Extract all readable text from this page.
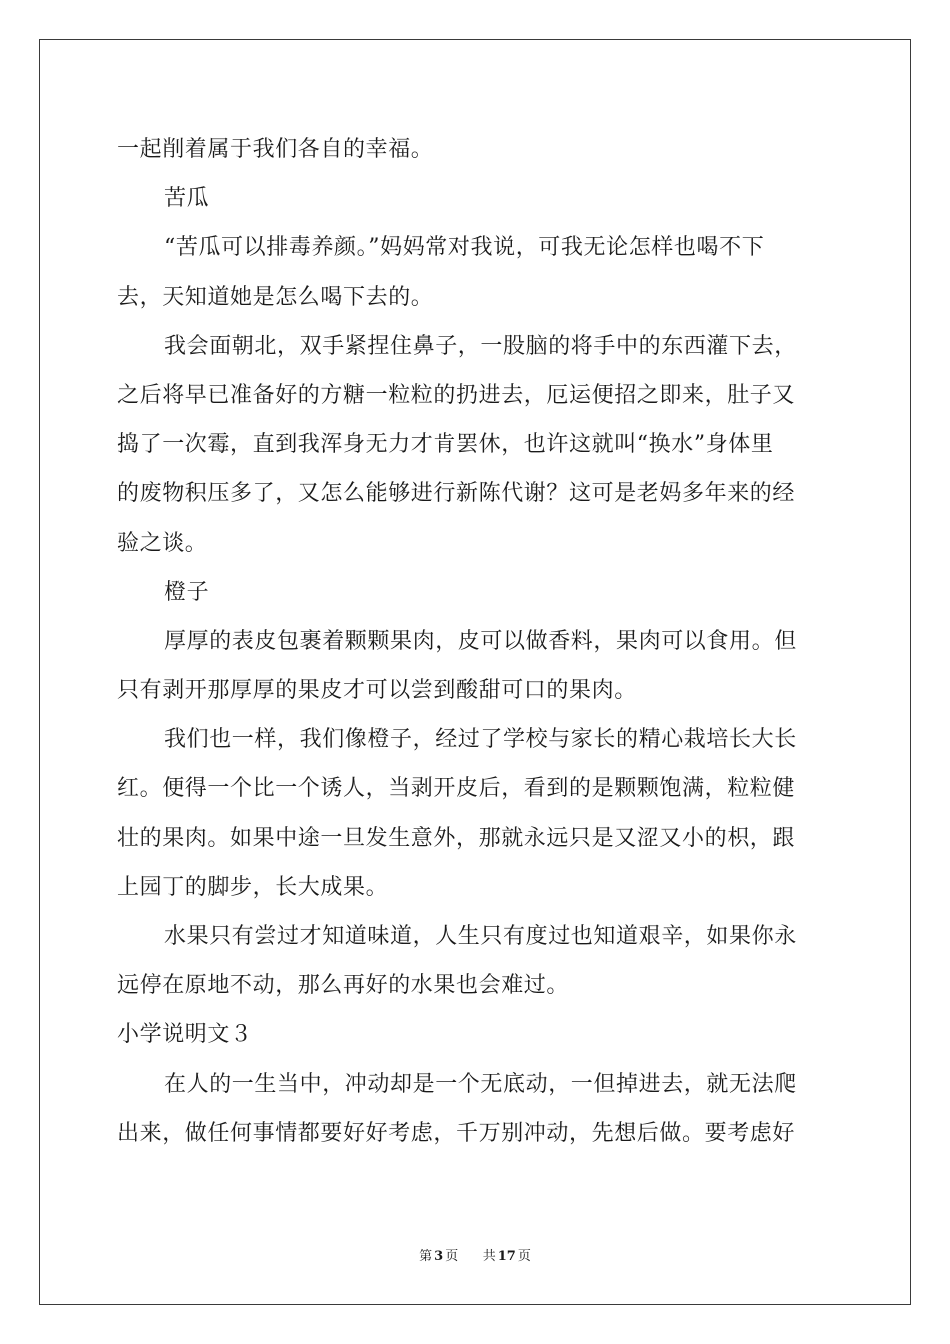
一起削着属于我们各自的幸福。
苦瓜
“苦瓜可以排毒养颜。”妈妈常对我说，可我无论怎样也喝不下
去，天知道她是怎么喝下去的。
我会面朝北，双手紧捏住鼻子，一股脑的将手中的东西灌下去，
之后将早已准备好的方糖一粒粒的扔进去，厄运便招之即来，肚子又
捣了一次霉，直到我浑身无力才肯罢休，也许这就叫“换水”身体里
的废物积压多了，又怎么能够进行新陈代谢？这可是老妈多年来的经
验之谈。
橙子
厚厚的表皮包裹着颗颗果肉，皮可以做香料，果肉可以食用。但
只有剥开那厚厚的果皮才可以尝到酸甜可口的果肉。
我们也一样，我们像橙子，经过了学校与家长的精心栽培长大长
红。便得一个比一个诱人，当剥开皮后，看到的是颗颗饱满，粒粒健
壮的果肉。如果中途一旦发生意外，那就永远只是又涩又小的枳，跟
上园丁的脚步，长大成果。
水果只有尝过才知道味道，人生只有度过也知道艰辛，如果你永
远停在原地不动，那么再好的水果也会难过。
小学说明文３
在人的一生当中，冲动却是一个无底动，一但掉进去，就无法爬
出来，做任何事情都要好好考虑，千万别冲动，先想后做。要考虑好
第 3 页 共 17 页
